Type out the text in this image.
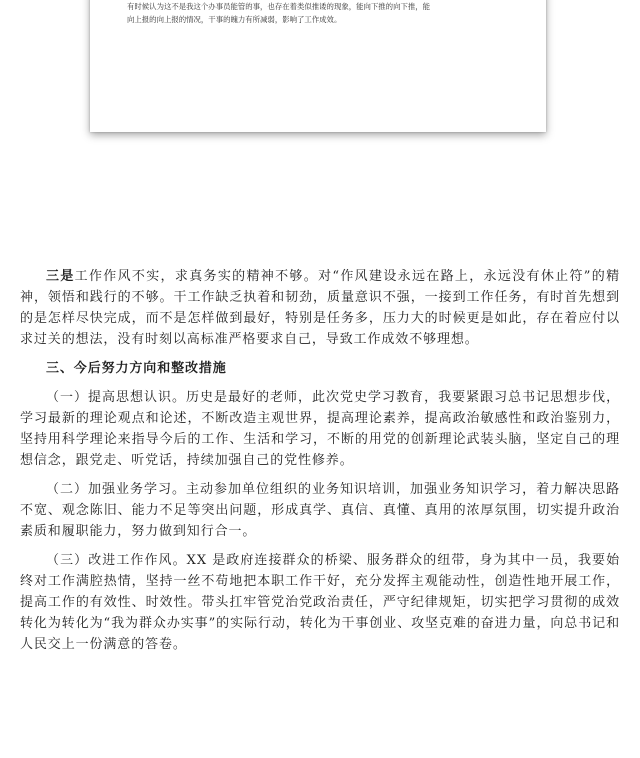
有时候认为这不是我这个办事员能管的事，也存在着类似推诿的现象，能向下推的向下推，能
向上报的向上报的情况，干事的魄力有所减弱，影响了工作成效。

三是工作作风不实，求真务实的精神不够。对“作风建设永远在路上，永远没有休止符”的精神，领悟和践行的不够。干工作缺乏执着和韧劲，质量意识不强，一接到工作任务，有时首先想到的是怎样尽快完成，而不是怎样做到最好，特别是任务多，压力大的时候更是如此，存在着应付以求过关的想法，没有时刻以高标准严格要求自己，导致工作成效不够理想。

三、今后努力方向和整改措施

（一）提高思想认识。历史是最好的老师，此次党史学习教育，我要紧跟习总书记思想步伐，学习最新的理论观点和论述，不断改造主观世界，提高理论素养，提高政治敏感性和政治鉴别力，坚持用科学理论来指导今后的工作、生活和学习，不断的用党的创新理论武装头脑，坚定自己的理想信念，跟党走、听党话，持续加强自己的党性修养。

（二）加强业务学习。主动参加单位组织的业务知识培训，加强业务知识学习，着力解决思路不宽、观念陈旧、能力不足等突出问题，形成真学、真信、真懂、真用的浓厚氛围，切实提升政治素质和履职能力，努力做到知行合一。

（三）改进工作作风。XX 是政府连接群众的桥梁、服务群众的纽带，身为其中一员，我要始终对工作满腔热情，坚持一丝不苟地把本职工作干好，充分发挥主观能动性，创造性地开展工作，提高工作的有效性、时效性。带头扛牢管党治党政治责任，严守纪律规矩，切实把学习贯彻的成效转化为转化为“我为群众办实事”的实际行动，转化为干事创业、攻坚克难的奋进力量，向总书记和人民交上一份满意的答卷。
